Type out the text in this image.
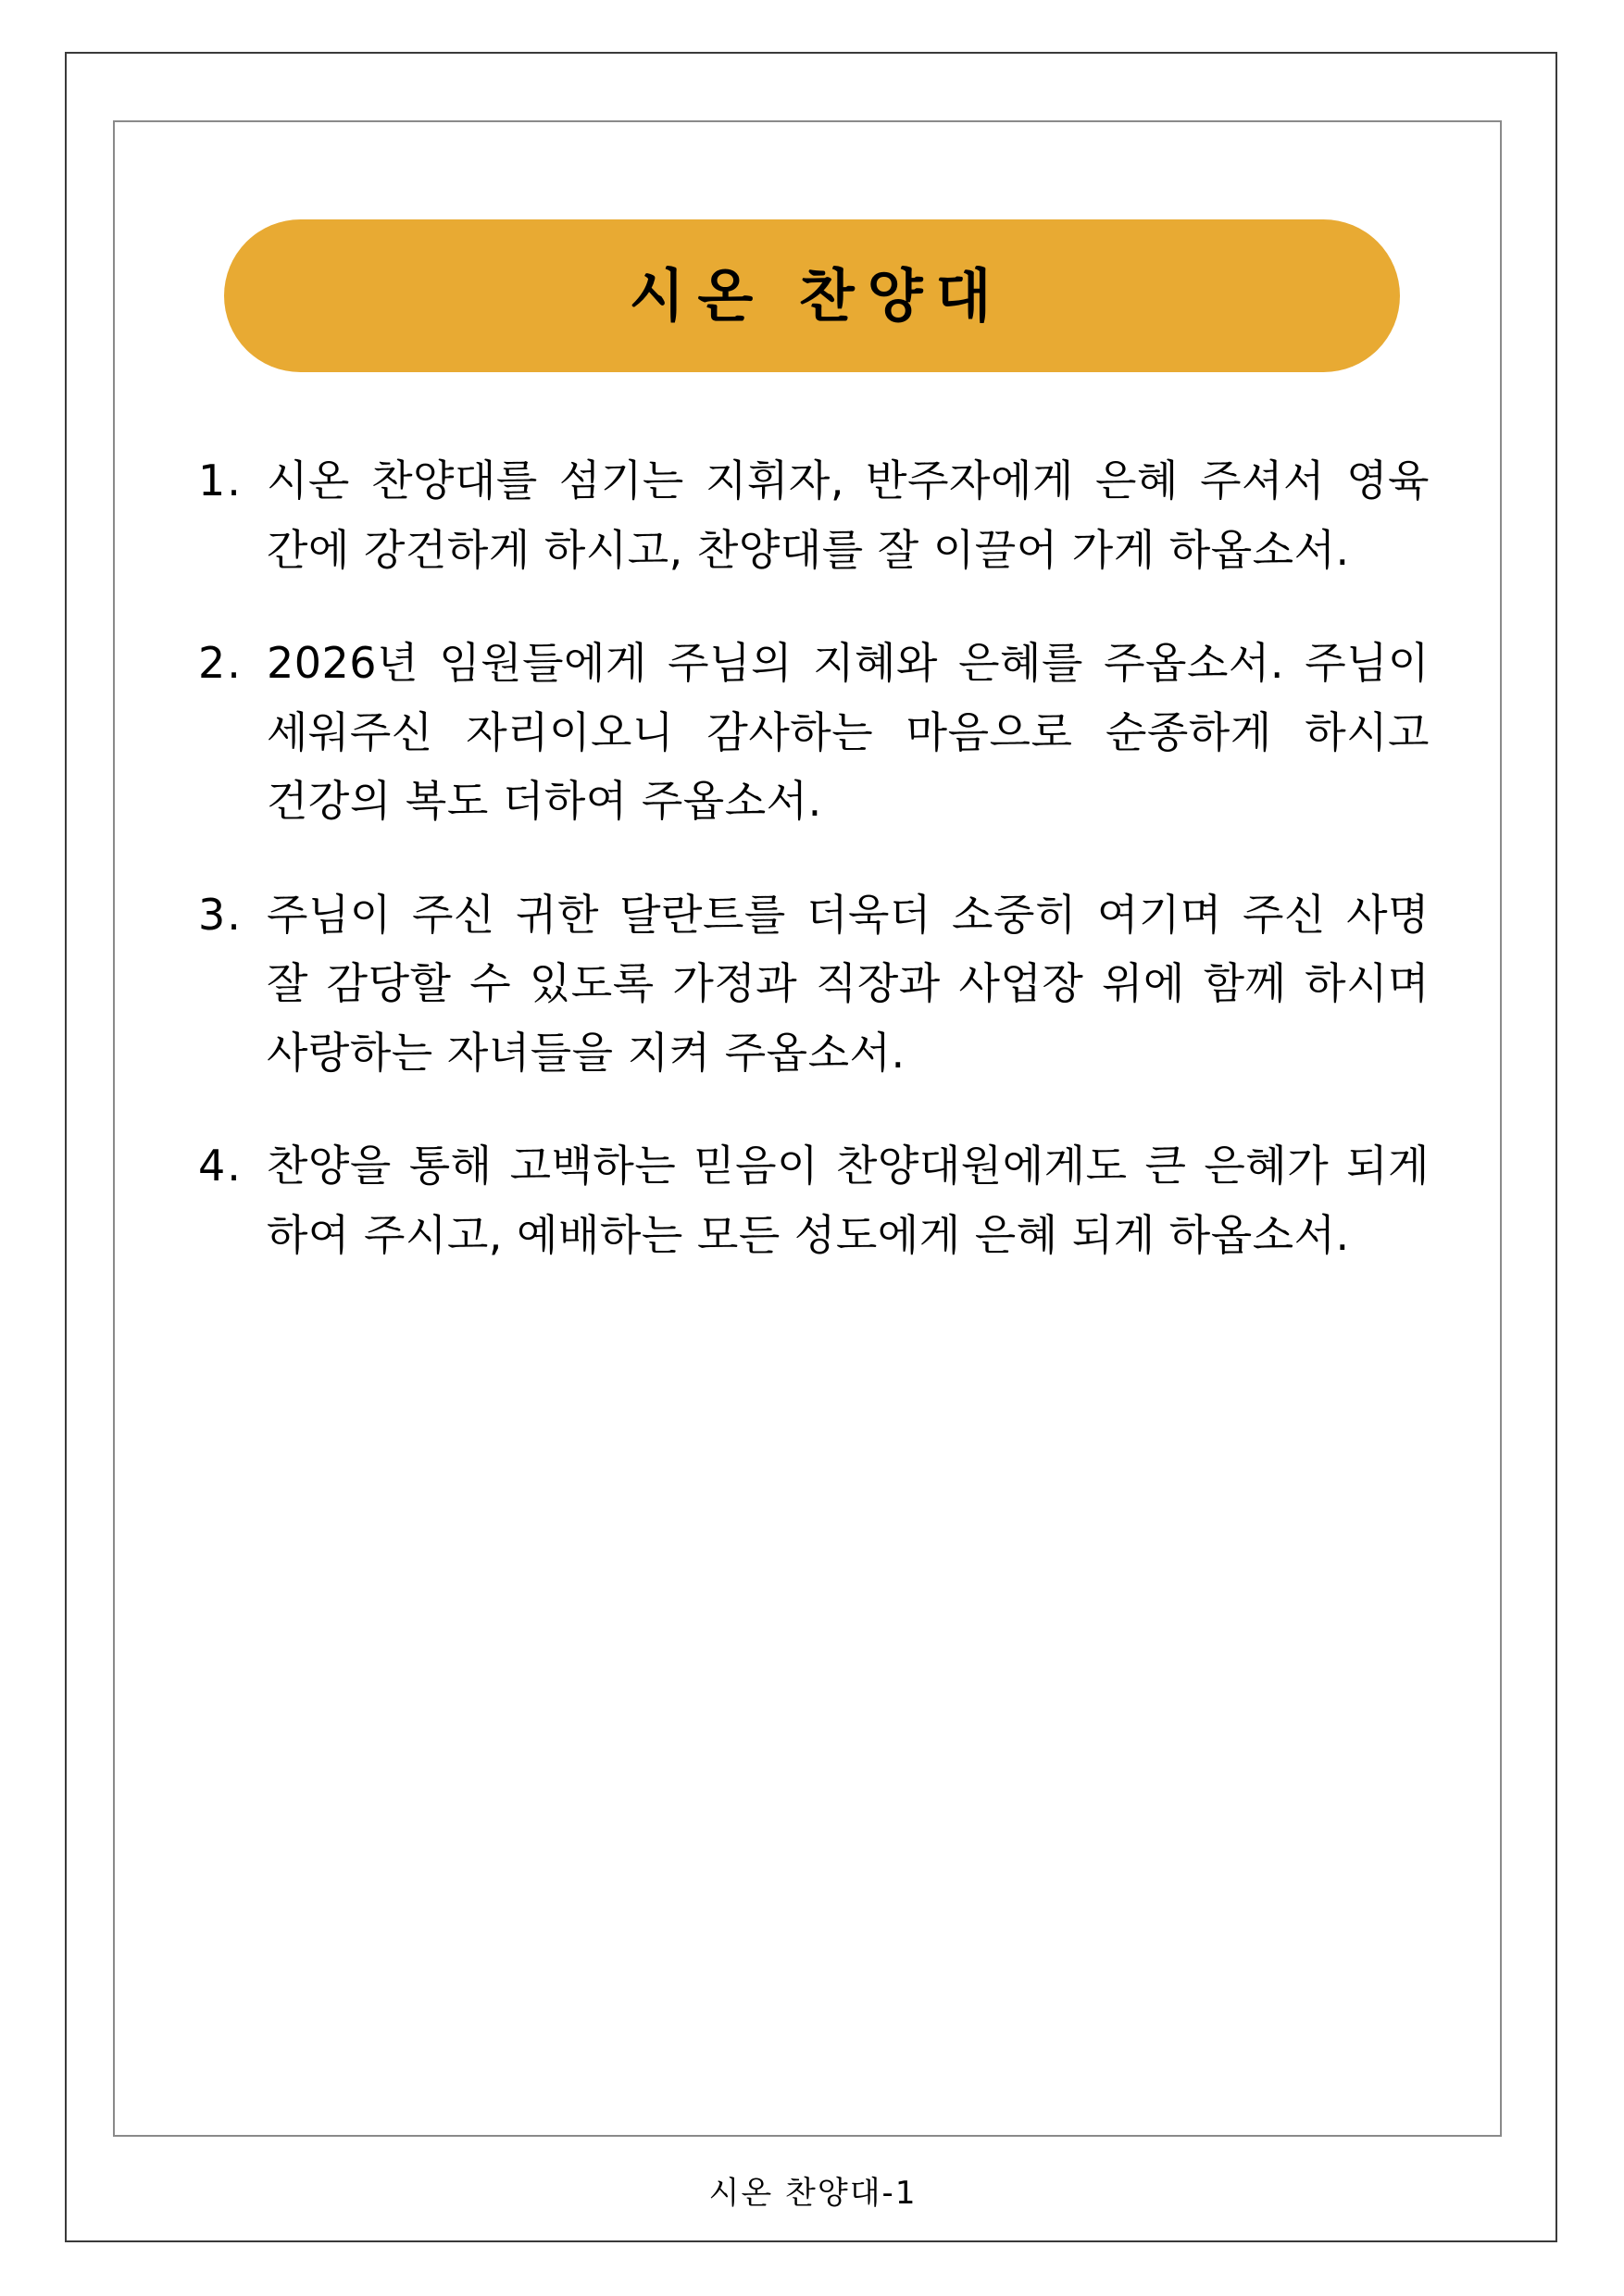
시온 찬양대
1. 시온 찬양대를 섬기는 지휘자, 반주자에게 은혜 주셔서 영육 간에 강건하게 하시고, 찬양대를 잘 이끌어 가게 하옵소서.
2. 2026년 임원들에게 주님의 지혜와 은혜를 주옵소서. 주님이 세워주신 자리이오니 감사하는 마음으로 순종하게 하시고 건강의 복도 더하여 주옵소서.
3. 주님이 주신 귀한 달란트를 더욱더 소중히 여기며 주신 사명 잘 감당할 수 있도록 가정과 직장과 사업장 위에 함께 하시며 사랑하는 자녀들을 지켜 주옵소서.
4. 찬양을 통해 고백하는 믿음이 찬양대원에게도 큰 은혜가 되게 하여 주시고, 예배하는 모든 성도에게 은혜 되게 하옵소서.
시온 찬양대-1
